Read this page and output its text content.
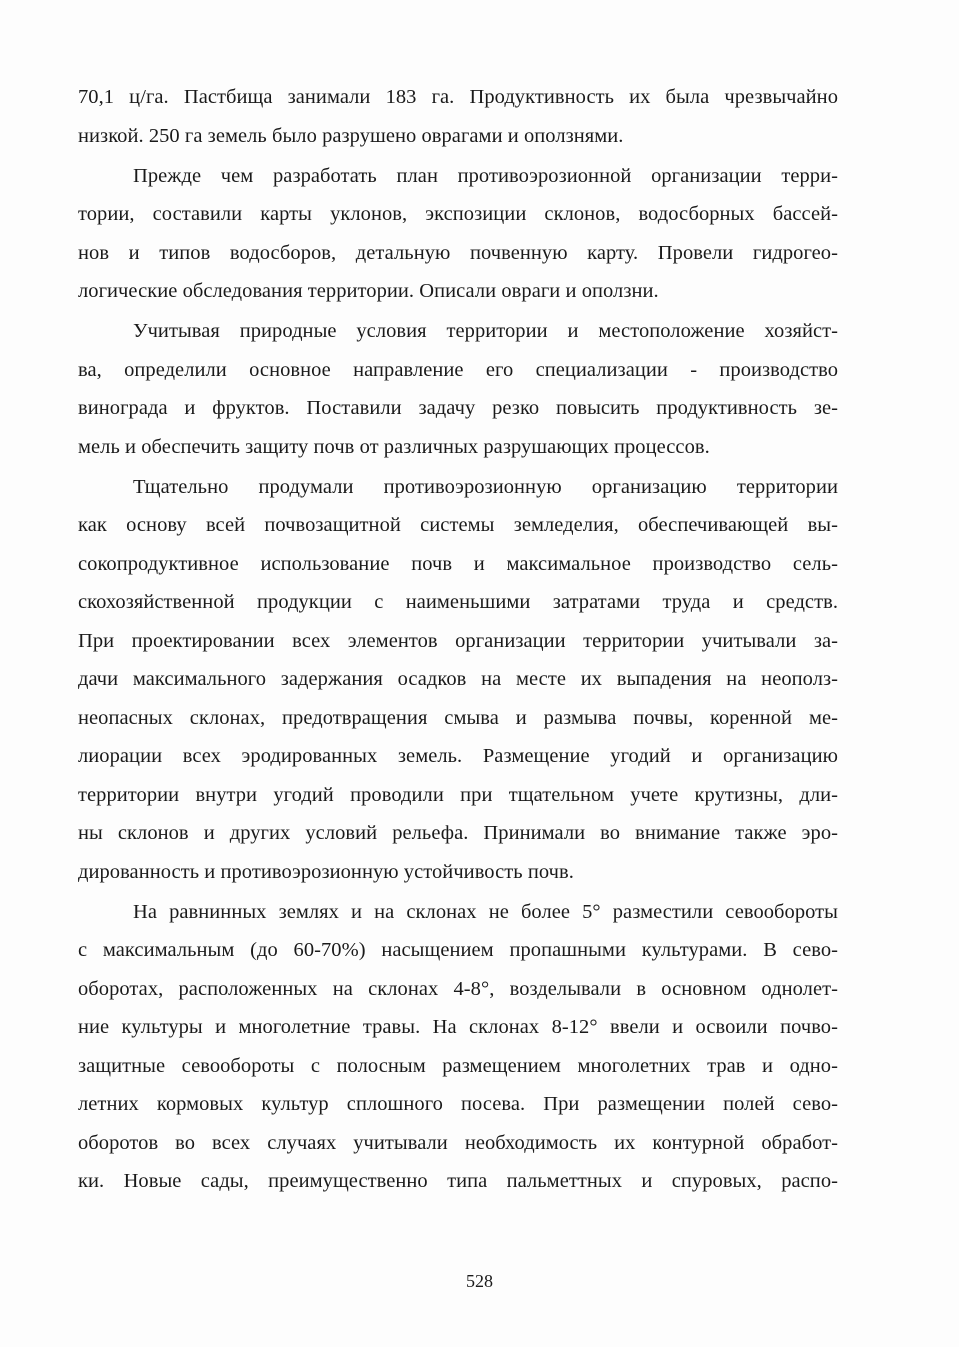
70,1 ц/га. Пастбища занимали 183 га. Продуктивность их была чрезвычайно
низкой. 250 га земель было разрушено оврагами и оползнями.
Прежде чем разработать план противоэрозионной организации терри-
тории, составили карты уклонов, экспозиции склонов, водосборных бассей-
нов и типов водосборов, детальную почвенную карту. Провели гидрогео-
логические обследования территории. Описали овраги и оползни.
Учитывая природные условия территории и местоположение хозяйст-
ва, определили основное направление его специализации - производство
винограда и фруктов. Поставили задачу резко повысить продуктивность зе-
мель и обеспечить защиту почв от различных разрушающих процессов.
Тщательно продумали противоэрозионную организацию территории
как основу всей почвозащитной системы земледелия, обеспечивающей вы-
сокопродуктивное использование почв и максимальное производство сель-
скохозяйственной продукции с наименьшими затратами труда и средств.
При проектировании всех элементов организации территории учитывали за-
дачи максимального задержания осадков на месте их выпадения на неополз-
неопасных склонах, предотвращения смыва и размыва почвы, коренной ме-
лиорации всех эродированных земель. Размещение угодий и организацию
территории внутри угодий проводили при тщательном учете крутизны, дли-
ны склонов и других условий рельефа. Принимали во внимание также эро-
дированность и противоэрозионную устойчивость почв.
На равнинных землях и на склонах не более 5° разместили севообороты
с максимальным (до 60-70%) насыщением пропашными культурами. В сево-
оборотах, расположенных на склонах 4-8°, возделывали в основном однолет-
ние культуры и многолетние травы. На склонах 8-12° ввели и освоили почво-
защитные севообороты с полосным размещением многолетних трав и одно-
летних кормовых культур сплошного посева. При размещении полей сево-
оборотов во всех случаях учитывали необходимость их контурной обработ-
ки. Новые сады, преимущественно типа пальметтных и спуровых, распо-
528
